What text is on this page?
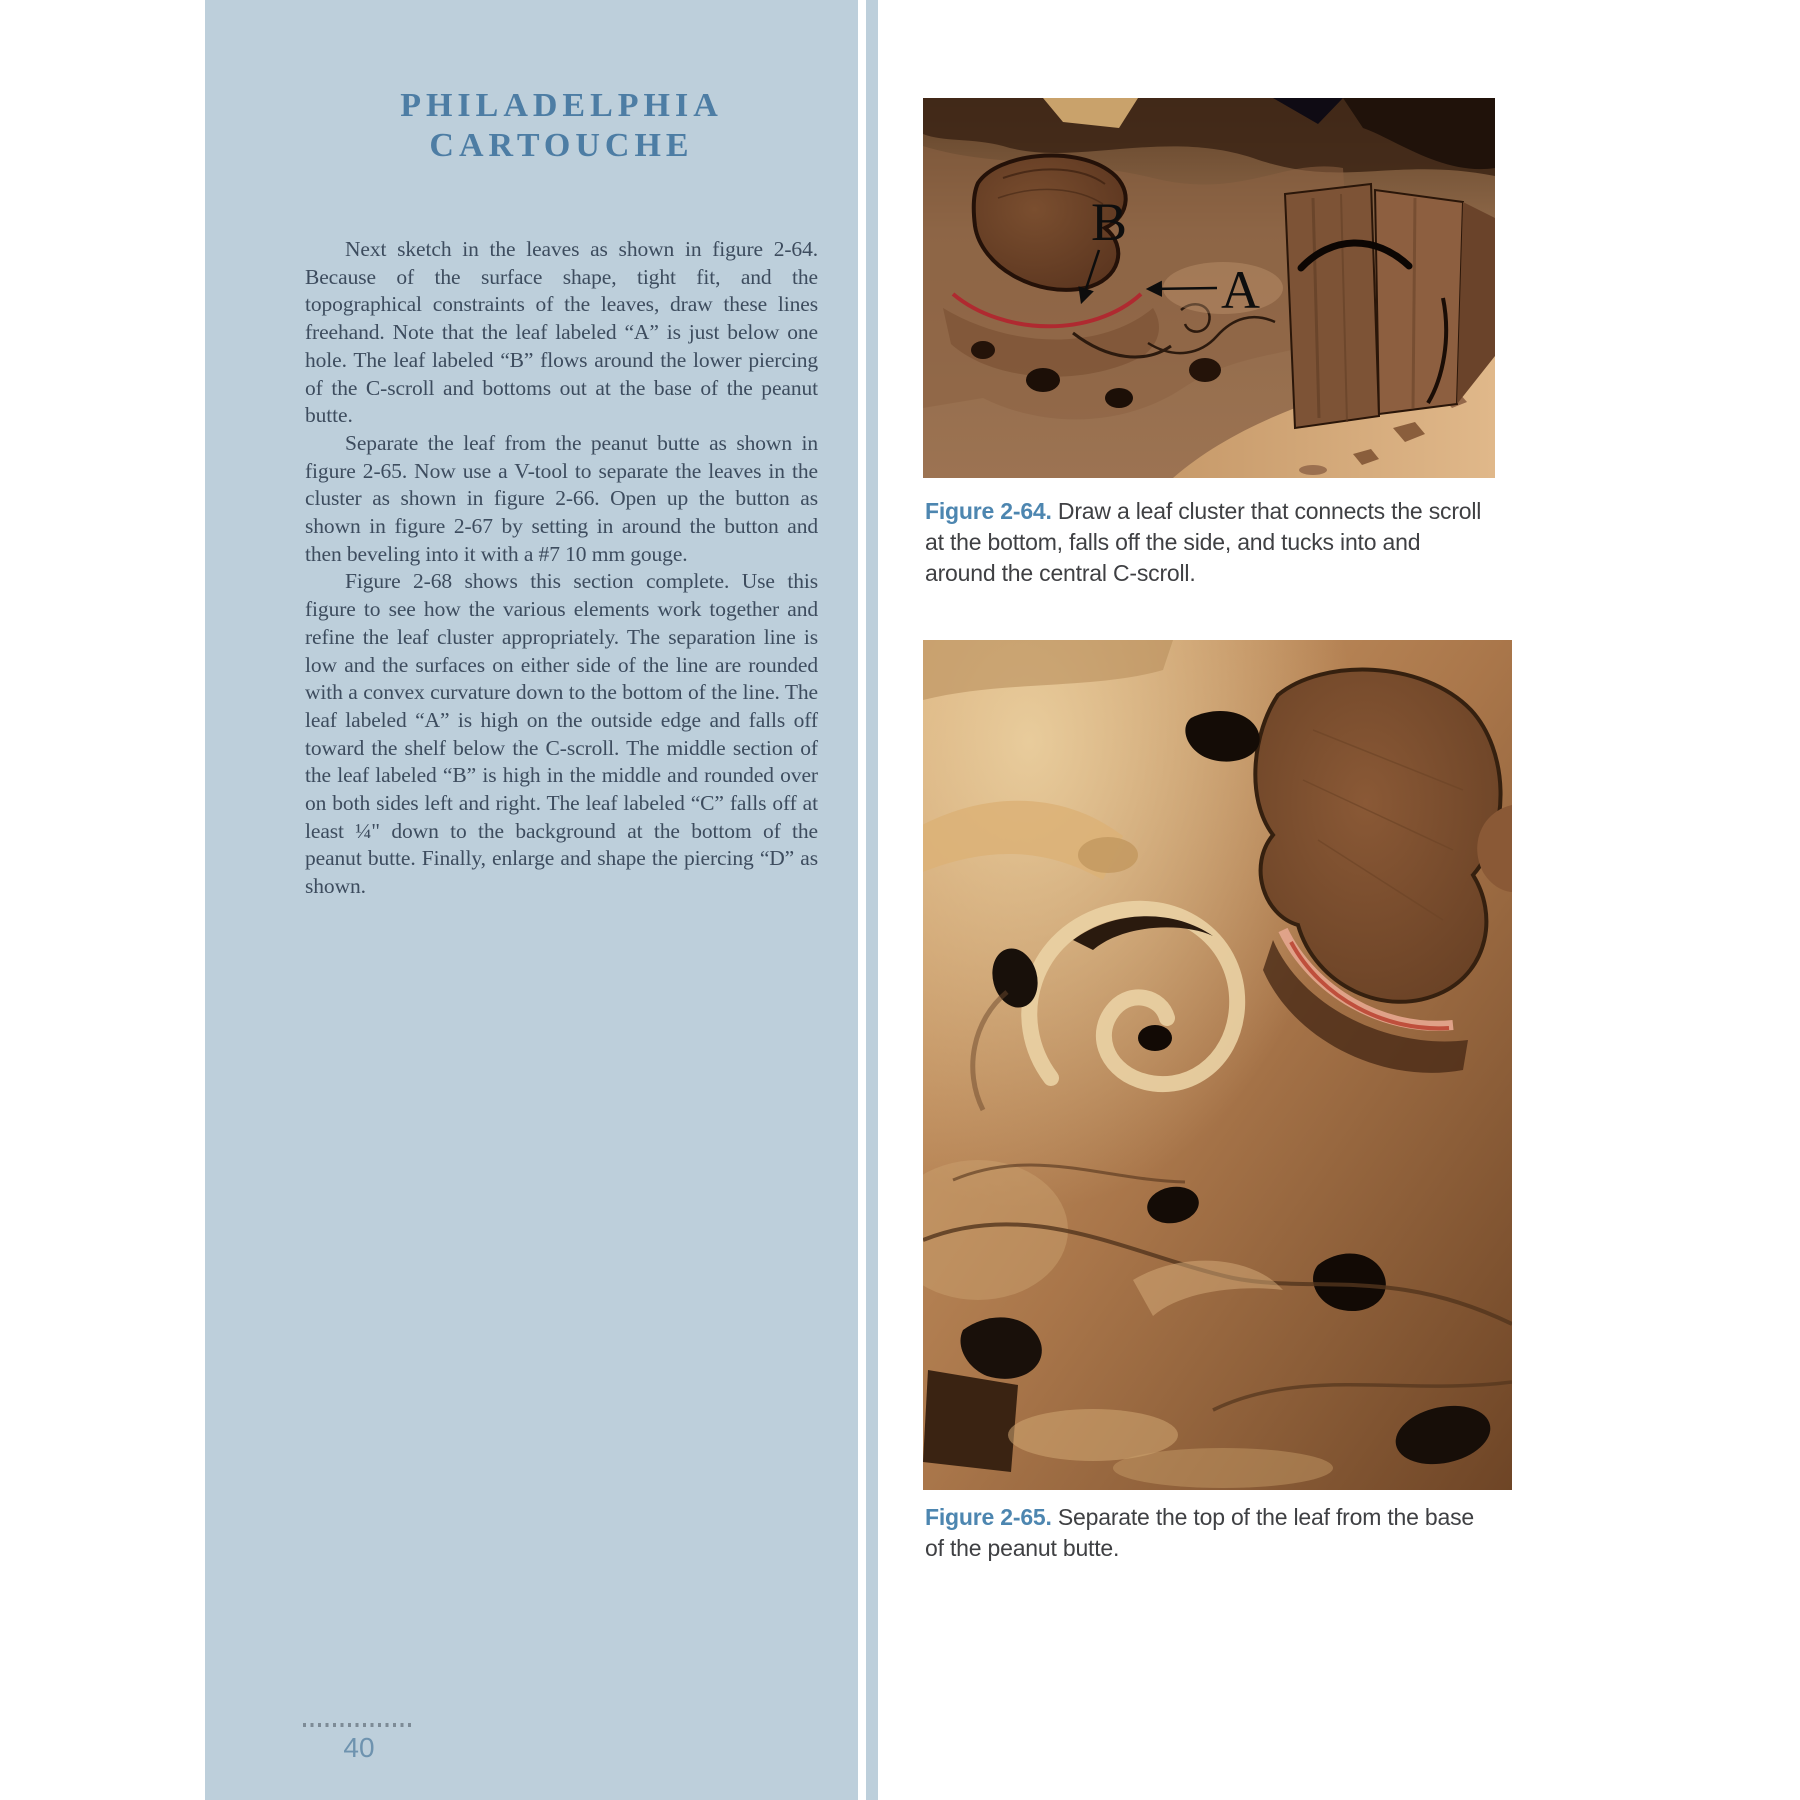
PHILADELPHIA
CARTOUCHE

Next sketch in the leaves as shown in figure 2-64. Because of the surface shape, tight fit, and the topographical constraints of the leaves, draw these lines freehand. Note that the leaf labeled “A” is just below one hole. The leaf labeled “B” flows around the lower piercing of the C-scroll and bottoms out at the base of the peanut butte.

Separate the leaf from the peanut butte as shown in figure 2-65. Now use a V-tool to separate the leaves in the cluster as shown in figure 2-66. Open up the button as shown in figure 2-67 by setting in around the button and then beveling into it with a #7 10 mm gouge.

Figure 2-68 shows this section complete. Use this figure to see how the various elements work together and refine the leaf cluster appropriately. The separation line is low and the surfaces on either side of the line are rounded with a convex curvature down to the bottom of the line. The leaf labeled “A” is high on the outside edge and falls off toward the shelf below the C-scroll. The middle section of the leaf labeled “B” is high in the middle and rounded over on both sides left and right. The leaf labeled “C” falls off at least ¼" down to the background at the bottom of the peanut butte. Finally, enlarge and shape the piercing “D” as shown.

B
A
Figure 2-64. Draw a leaf cluster that connects the scroll at the bottom, falls off the side, and tucks into and around the central C-scroll.
Figure 2-65. Separate the top of the leaf from the base of the peanut butte.
40
